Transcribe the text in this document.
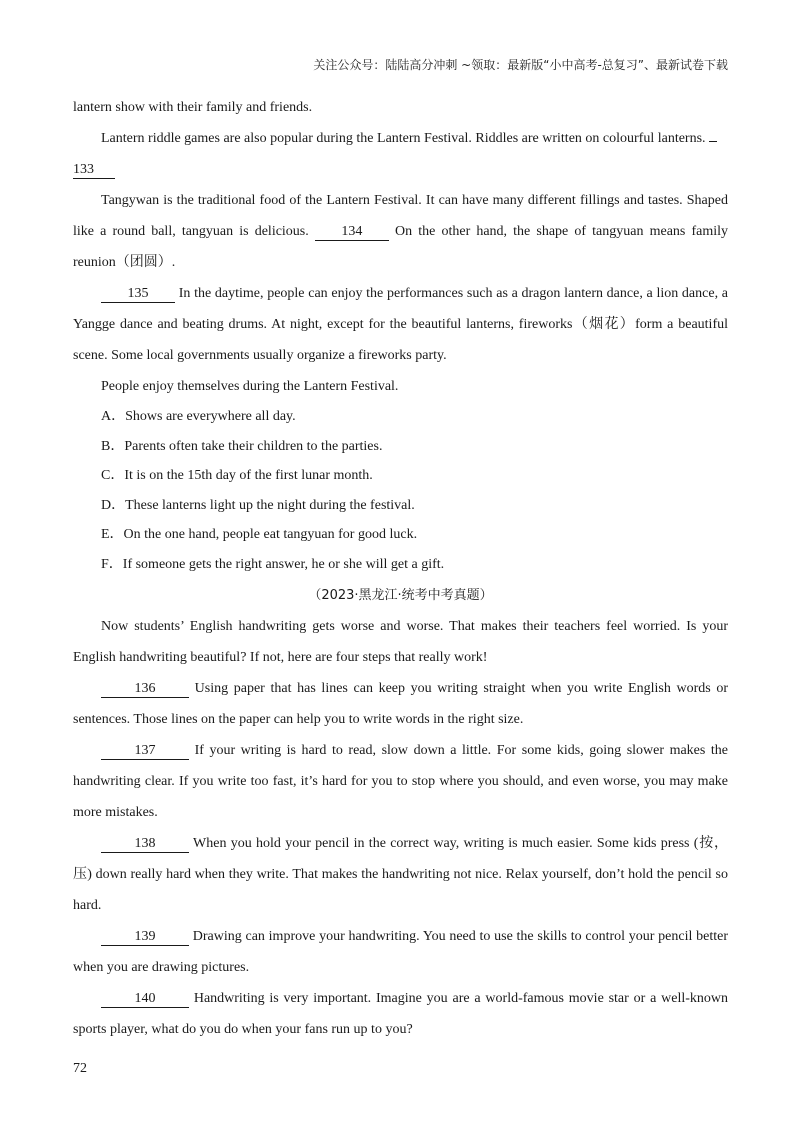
关注公众号：陆陆高分冲刺 ~领取：最新版“小中高考-总复习”、最新试卷下载

lantern show with their family and friends.

Lantern riddle games are also popular during the Lantern Festival. Riddles are written on colourful lanterns.
133

Tangywan is the traditional food of the Lantern Festival. It can have many different fillings and tastes. Shaped like a round ball, tangyuan is delicious. 134 On the other hand, the shape of tangyuan means family reunion（团圆）.

135 In the daytime, people can enjoy the performances such as a dragon lantern dance, a lion dance, a Yangge dance and beating drums. At night, except for the beautiful lanterns, fireworks（烟花）form a beautiful scene. Some local governments usually organize a fireworks party.

People enjoy themselves during the Lantern Festival.

A．Shows are everywhere all day.

B．Parents often take their children to the parties.

C．It is on the 15th day of the first lunar month.

D．These lanterns light up the night during the festival.

E．On the one hand, people eat tangyuan for good luck.

F．If someone gets the right answer, he or she will get a gift.

（2023·黑龙江·统考中考真题）

Now students’ English handwriting gets worse and worse. That makes their teachers feel worried. Is your English handwriting beautiful? If not, here are four steps that really work!

136	Using paper that has lines can keep you writing straight when you write English words or sentences. Those lines on the paper can help you to write words in the right size.

137	If your writing is hard to read, slow down a little. For some kids, going slower makes the handwriting clear. If you write too fast, it’s hard for you to stop where you should, and even worse, you may make more mistakes.

138	When you hold your pencil in the correct way, writing is much easier. Some kids press (按，压) down really hard when they write. That makes the handwriting not nice. Relax yourself, don’t hold the pencil so hard.

139	Drawing can improve your handwriting. You need to use the skills to control your pencil better when you are drawing pictures.

140	Handwriting is very important. Imagine you are a world-famous movie star or a well-known sports player, what do you do when your fans run up to you?

72
